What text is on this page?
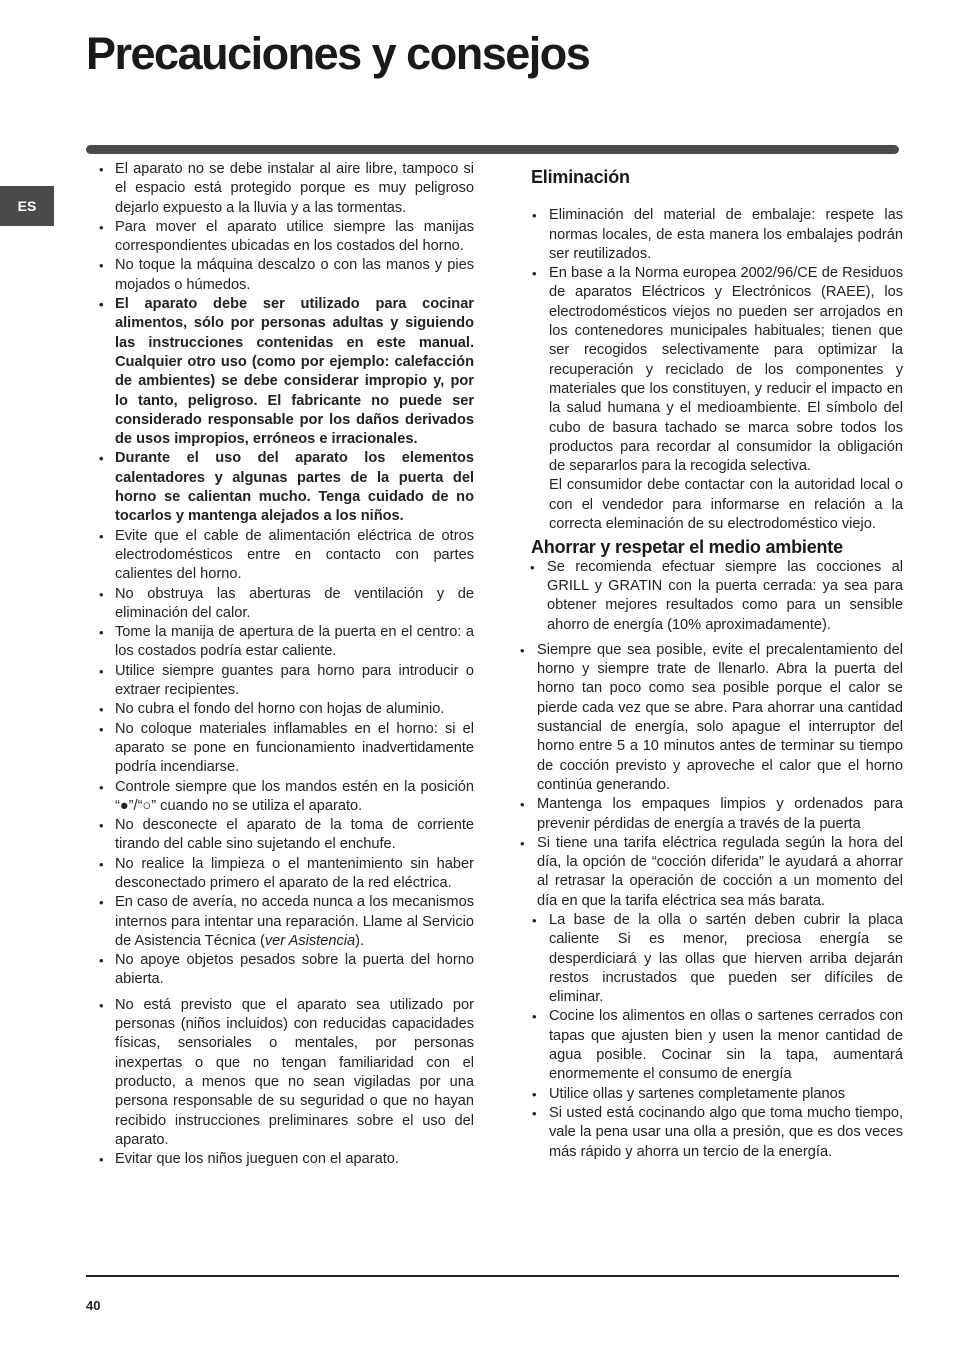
Precauciones y consejos
ES
• El aparato no se debe instalar al aire libre, tampoco si el espacio está protegido porque es muy peligroso dejarlo expuesto a la lluvia y a las tormentas.
• Para mover el aparato utilice siempre las manijas correspondientes ubicadas en los costados del horno.
• No toque la máquina descalzo o con las manos y pies mojados o húmedos.
• El aparato debe ser utilizado para cocinar alimentos, sólo por personas adultas y siguiendo las instrucciones contenidas en este manual. Cualquier otro uso (como por ejemplo: calefacción de ambientes) se debe considerar impropio y, por lo tanto, peligroso. El fabricante no puede ser considerado responsable por los daños derivados de usos impropios, erróneos e irracionales.
• Durante el uso del aparato los elementos calentadores y algunas partes de la puerta del horno se calientan mucho. Tenga cuidado de no tocarlos y mantenga alejados a los niños.
• Evite que el cable de alimentación eléctrica de otros electrodomésticos entre en contacto con partes calientes del horno.
• No obstruya las aberturas de ventilación y de eliminación del calor.
• Tome la manija de apertura de la puerta en el centro: a los costados podría estar caliente.
• Utilice siempre guantes para horno para introducir o extraer recipientes.
• No cubra el fondo del horno con hojas de aluminio.
• No coloque materiales inflamables en el horno: si el aparato se pone en funcionamiento inadvertidamente podría incendiarse.
• Controle siempre que los mandos estén en la posición “●”/“○” cuando no se utiliza el aparato.
• No desconecte el aparato de la toma de corriente tirando del cable sino sujetando el enchufe.
• No realice la limpieza o el mantenimiento sin haber desconectado primero el aparato de la red eléctrica.
• En caso de avería, no acceda nunca a los mecanismos internos para intentar una reparación. Llame al Servicio de Asistencia Técnica (ver Asistencia).
• No apoye objetos pesados sobre la puerta del horno abierta.
• No está previsto que el aparato sea utilizado por personas (niños incluidos) con reducidas capacidades físicas, sensoriales o mentales, por personas inexpertas o que no tengan familiaridad con el producto, a menos que no sean vigiladas por una persona responsable de su seguridad o que no hayan recibido instrucciones preliminares sobre el uso del aparato.
• Evitar que los niños jueguen con el aparato.
Eliminación
• Eliminación del material de embalaje: respete las normas locales, de esta manera los embalajes podrán ser reutilizados.
• En base a la Norma europea 2002/96/CE de Residuos de aparatos Eléctricos y Electrónicos (RAEE), los electrodomésticos viejos no pueden ser arrojados en los contenedores municipales habituales; tienen que ser recogidos selectivamente para optimizar la recuperación y reciclado de los componentes y materiales que los constituyen, y reducir el impacto en la salud humana y el medioambiente. El símbolo del cubo de basura tachado se marca sobre todos los productos para recordar al consumidor la obligación de separarlos para la recogida selectiva.
El consumidor debe contactar con la autoridad local o con el vendedor para informarse en relación a la correcta eleminación de su electrodoméstico viejo.
Ahorrar y respetar el medio ambiente
• Se recomienda efectuar siempre las cocciones al GRILL y GRATIN con la puerta cerrada: ya sea para obtener mejores resultados como para un sensible ahorro de energía (10% aproximadamente).
• Siempre que sea posible, evite el precalentamiento del horno y siempre trate de llenarlo. Abra la puerta del horno tan poco como sea posible porque el calor se pierde cada vez que se abre. Para ahorrar una cantidad sustancial de energía, solo apague el interruptor del horno entre 5 a 10 minutos antes de terminar su tiempo de cocción previsto y aproveche el calor que el horno continúa generando.
• Mantenga los empaques limpios y ordenados para prevenir pérdidas de energía a través de la puerta
• Si tiene una tarifa eléctrica regulada según la hora del día, la opción de “cocción diferida” le ayudará a ahorrar al retrasar la operación de cocción a un momento del día en que la tarifa eléctrica sea más barata.
• La base de la olla o sartén deben cubrir la placa caliente Si es menor, preciosa energía se desperdiciará y las ollas que hierven arriba dejarán restos incrustados que pueden ser difíciles de eliminar.
• Cocine los alimentos en ollas o sartenes cerrados con tapas que ajusten bien y usen la menor cantidad de agua posible. Cocinar sin la tapa, aumentará enormemente el consumo de energía
• Utilice ollas y sartenes completamente planos
• Si usted está cocinando algo que toma mucho tiempo, vale la pena usar una olla a presión, que es dos veces más rápido y ahorra un tercio de la energía.
40
